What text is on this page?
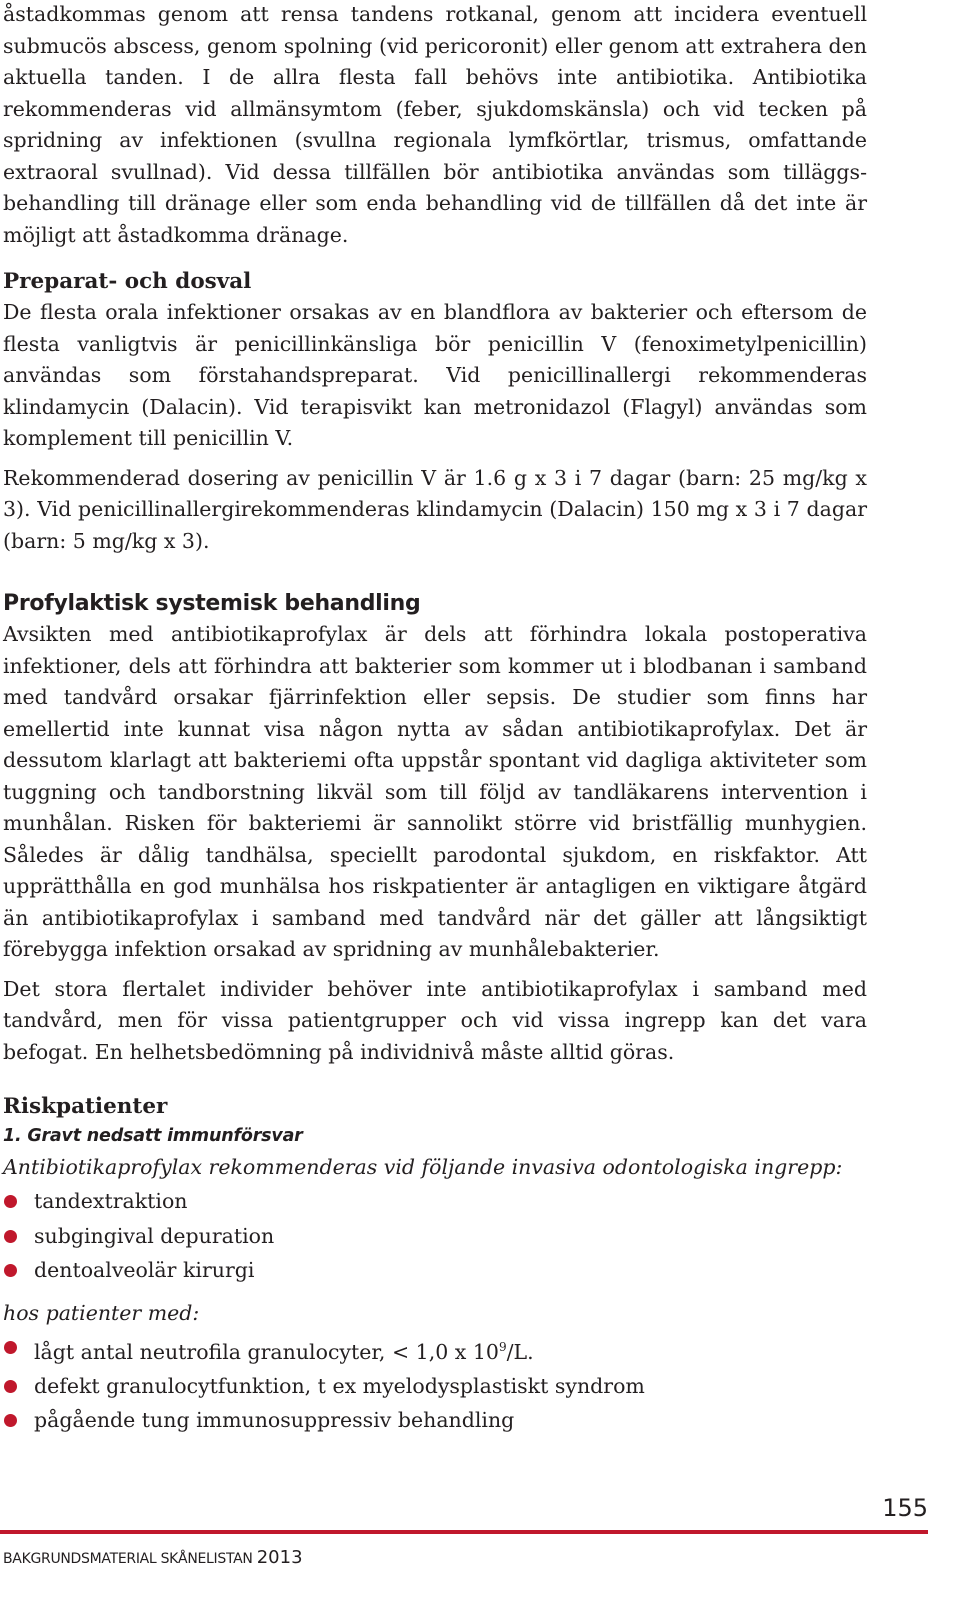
åstadkommas genom att rensa tandens rotkanal, genom att incidera eventuell submucös abscess, genom spolning (vid pericoronit) eller genom att extrahera den aktuella tanden. I de allra flesta fall behövs inte antibiotika. Antibiotika rekommenderas vid allmänsymtom (feber, sjukdomskänsla) och vid tecken på spridning av infektionen (svullna regionala lymfkörtlar, trismus, omfattande extraoral svullnad). Vid dessa tillfällen bör antibiotika användas som tilläggsbehandling till dränage eller som enda behandling vid de tillfällen då det inte är möjligt att åstadkomma dränage.

Preparat- och dosval

De flesta orala infektioner orsakas av en blandflora av bakterier och eftersom de flesta vanligtvis är penicillinkänsliga bör penicillin V (fenoximetylpenicillin) användas som förstahandspreparat. Vid penicillinallergi rekommenderas klindamycin (Dalacin). Vid terapisvikt kan metronidazol (Flagyl) användas som komplement till penicillin V.

Rekommenderad dosering av penicillin V är 1.6 g x 3 i 7 dagar (barn: 25 mg/kg x 3). Vid penicillinallergirekommenderas klindamycin (Dalacin) 150 mg x 3 i 7 dagar (barn: 5 mg/kg x 3).

Profylaktisk systemisk behandling

Avsikten med antibiotikaprofylax är dels att förhindra lokala postoperativa infektioner, dels att förhindra att bakterier som kommer ut i blodbanan i samband med tandvård orsakar fjärrinfektion eller sepsis. De studier som finns har emellertid inte kunnat visa någon nytta av sådan antibiotikaprofylax. Det är dessutom klarlagt att bakteriemi ofta uppstår spontant vid dagliga aktiviteter som tuggning och tandborstning likväl som till följd av tandläkarens intervention i munhålan. Risken för bakteriemi är sannolikt större vid bristfällig munhygien. Således är dålig tandhälsa, speciellt parodontal sjukdom, en riskfaktor. Att upprätthålla en god munhälsa hos riskpatienter är antagligen en viktigare åtgärd än antibiotikaprofylax i samband med tandvård när det gäller att långsiktigt förebygga infektion orsakad av spridning av munhålebakterier.

Det stora flertalet individer behöver inte antibiotikaprofylax i samband med tandvård, men för vissa patientgrupper och vid vissa ingrepp kan det vara befogat. En helhetsbedömning på individnivå måste alltid göras.

Riskpatienter
1. Gravt nedsatt immunförsvar

Antibiotikaprofylax rekommenderas vid följande invasiva odontologiska ingrepp:

tandextraktion
subgingival depuration
dentoalveolär kirurgi

hos patienter med:

lågt antal neutrofila granulocyter, < 1,0 x $10^9/L$.
defekt granulocytfunktion, t ex myelodysplastiskt syndrom
pågående tung immunosuppressiv behandling
155
BAKGRUNDSMATERIAL SKÅNELISTAN 2013
